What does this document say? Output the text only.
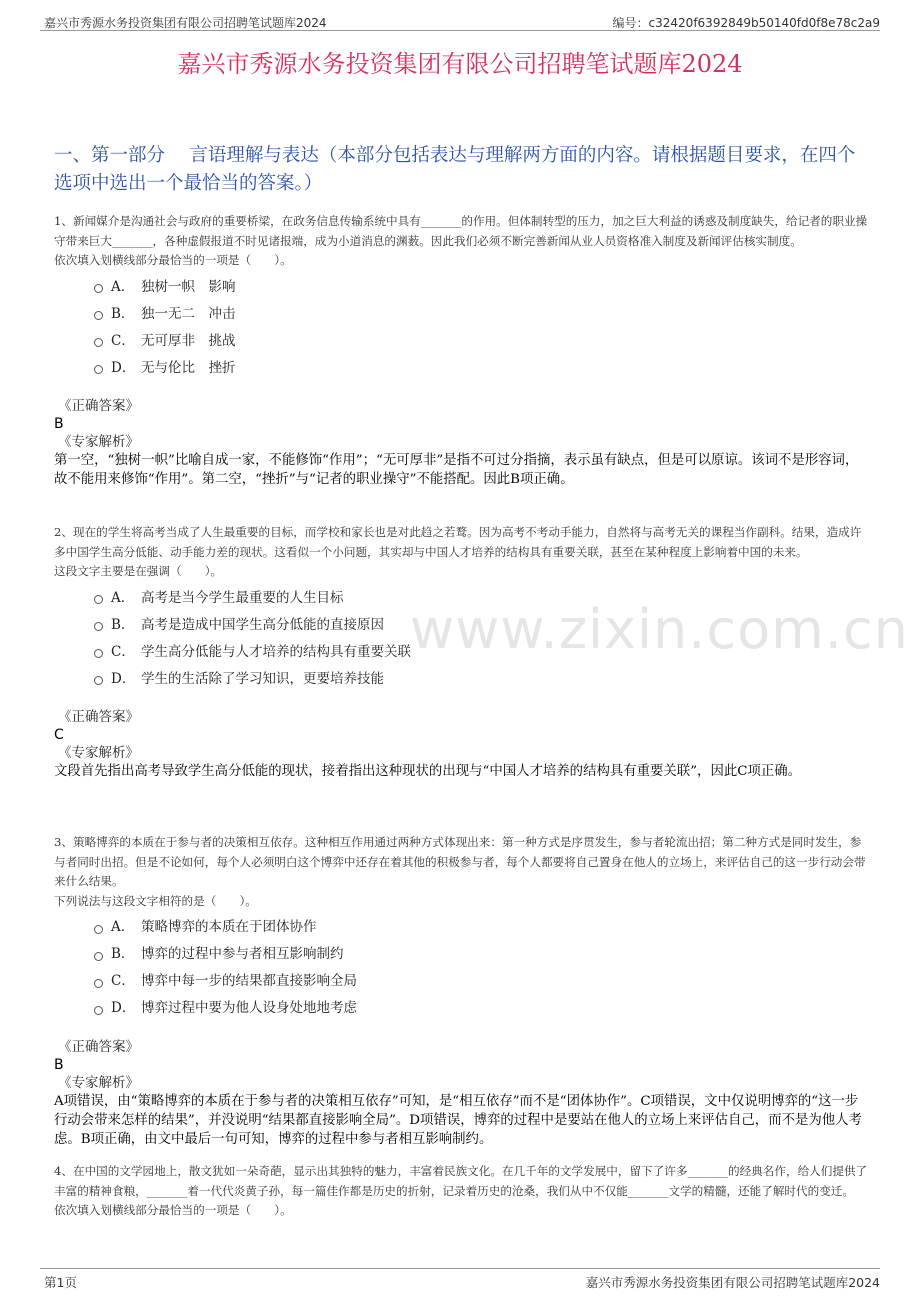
嘉兴市秀源水务投资集团有限公司招聘笔试题库2024	编号：c32420f6392849b50140fd0f8e78c2a9
嘉兴市秀源水务投资集团有限公司招聘笔试题库2024
一、第一部分　 言语理解与表达（本部分包括表达与理解两方面的内容。请根据题目要求，在四个选项中选出一个最恰当的答案。）
www.zixin.com.cn

1、新闻媒介是沟通社会与政府的重要桥梁，在政务信息传输系统中具有_______的作用。但体制转型的压力，加之巨大利益的诱惑及制度缺失，给记者的职业操守带来巨大_______，各种虚假报道不时见诸报端，成为小道消息的渊薮。因此我们必须不断完善新闻从业人员资格准入制度及新闻评估核实制度。

依次填入划横线部分最恰当的一项是（　　）。

A． 独树一帜　影响
B． 独一无二　冲击
C． 无可厚非　挑战
D． 无与伦比　挫折
《正确答案》
B
《专家解析》

第一空，“独树一帜”比喻自成一家，不能修饰“作用”；“无可厚非”是指不可过分指摘，表示虽有缺点，但是可以原谅。该词不是形容词，故不能用来修饰“作用”。第二空，“挫折”与“记者的职业操守”不能搭配。因此B项正确。

2、现在的学生将高考当成了人生最重要的目标，而学校和家长也是对此趋之若鹜。因为高考不考动手能力，自然将与高考无关的课程当作副科。结果，造成许多中国学生高分低能、动手能力差的现状。这看似一个小问题，其实却与中国人才培养的结构具有重要关联，甚至在某种程度上影响着中国的未来。

这段文字主要是在强调（　　）。

A． 高考是当今学生最重要的人生目标
B． 高考是造成中国学生高分低能的直接原因
C． 学生高分低能与人才培养的结构具有重要关联
D． 学生的生活除了学习知识，更要培养技能
《正确答案》
C
《专家解析》

文段首先指出高考导致学生高分低能的现状，接着指出这种现状的出现与“中国人才培养的结构具有重要关联”，因此C项正确。

3、策略博弈的本质在于参与者的决策相互依存。这种相互作用通过两种方式体现出来：第一种方式是序贯发生，参与者轮流出招；第二种方式是同时发生，参与者同时出招。但是不论如何，每个人必须明白这个博弈中还存在着其他的积极参与者，每个人都要将自己置身在他人的立场上，来评估自己的这一步行动会带来什么结果。

下列说法与这段文字相符的是（　　）。

A． 策略博弈的本质在于团体协作
B． 博弈的过程中参与者相互影响制约
C． 博弈中每一步的结果都直接影响全局
D． 博弈过程中要为他人设身处地地考虑
《正确答案》
B
《专家解析》

A项错误，由“策略博弈的本质在于参与者的决策相互依存”可知，是“相互依存”而不是“团体协作”。C项错误，文中仅说明博弈的“这一步行动会带来怎样的结果”，并没说明“结果都直接影响全局”。D项错误，博弈的过程中是要站在他人的立场上来评估自己，而不是为他人考虑。B项正确，由文中最后一句可知，博弈的过程中参与者相互影响制约。

4、在中国的文学园地上，散文犹如一朵奇葩，显示出其独特的魅力，丰富着民族文化。在几千年的文学发展中，留下了许多_______的经典名作，给人们提供了丰富的精神食粮，_______着一代代炎黄子孙，每一篇佳作都是历史的折射，记录着历史的沧桑，我们从中不仅能_______文学的精髓，还能了解时代的变迁。

依次填入划横线部分最恰当的一项是（　　）。

第1页	嘉兴市秀源水务投资集团有限公司招聘笔试题库2024
